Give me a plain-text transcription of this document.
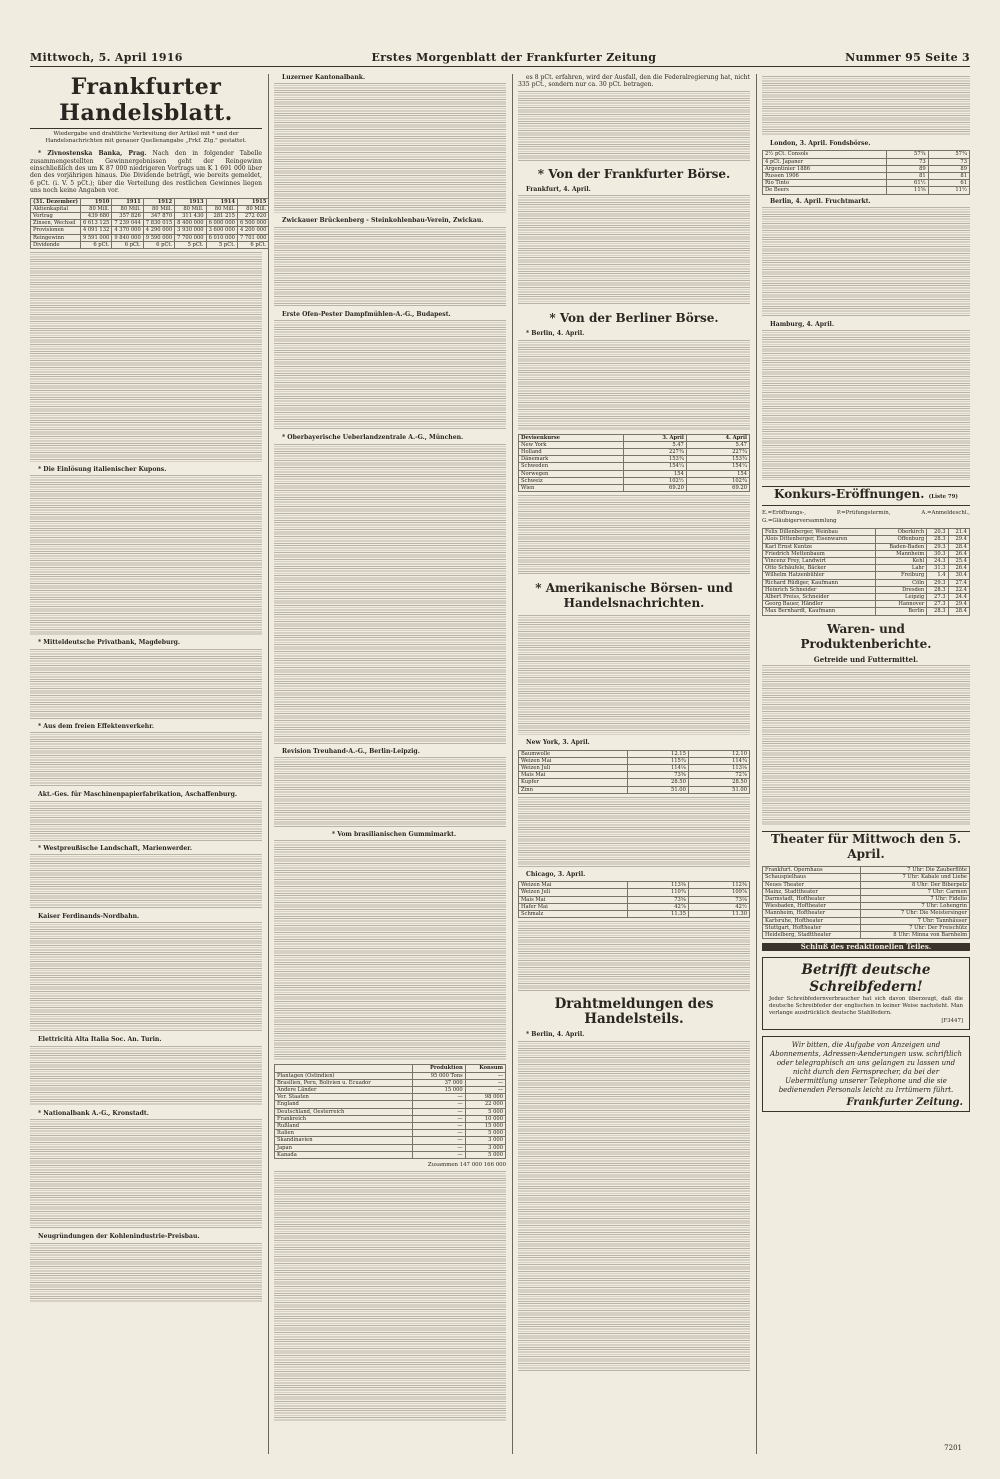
Mittwoch, 5. April 1916	Erstes Morgenblatt der Frankfurter Zeitung	Nummer 95 Seite 3
Frankfurter Handelsblatt.
Wiedergabe und drahtliche Verbreitung der Artikel mit * und der Handelsnachrichten mit genauer Quellenangabe „Frkf. Ztg." gestattet.

* Zivnostenska Banka, Prag. Nach den in folgender Tabelle zusammengestellten Gewinnergebnissen geht der Reingewinn einschließlich des um K 87 000 niedrigeren Vortrags um K 1 691 000 über den des vorjährigen hinaus. Die Dividende beträgt, wie bereits gemeldet, 6 pCt. (i. V. 5 pCt.); über die Verteilung des restlichen Gewinnes liegen uns noch keine Angaben vor.

(31. Dezember)	1910	1911	1912	1913	1914	1915
Aktienkapital	80 Mill.	80 Mill.	80 Mill.	80 Mill.	80 Mill.	80 Mill.
Vortrag	439 680	357 826	347 870	311 430	281 215	272 020
Zinsen, Wechsel	6 613 125	7 239 044	7 830 015	8 400 000	6 000 000	6 500 000
Provisionen	4 091 132	4 370 000	4 290 000	3 930 000	3 600 000	4 200 000
Reingewinn	9 591 000	9 840 000	9 590 000	7 700 000	6 010 000	7 701 000
Dividende	6 pCt.	6 pCt.	6 pCt.	5 pCt.	5 pCt.	6 pCt.

* Die Einlösung italienischer Kupons.

* Mitteldeutsche Privatbank, Magdeburg.

* Aus dem freien Effektenverkehr.

Akt.-Ges. für Maschinenpapierfabrikation, Aschaffenburg.

* Westpreußische Landschaft, Marienwerder.

Kaiser Ferdinands-Nordbahn.

Elettricità Alta Italia Soc. An. Turin.

* Nationalbank A.-G., Kronstadt.

Neugründungen der Kohlenindustrie-Preisbau.

Luzerner Kantonalbank.

Zwickauer Brückenberg - Steinkohlenbau-Verein, Zwickau.

Erste Ofen-Pester Dampfmühlen-A.-G., Budapest.

* Oberbayerische Ueberlandzentrale A.-G., München.

Revision Treuhand-A.-G., Berlin-Leipzig.

* Vom brasilianischen Gummimarkt.

	Produktion	Konsum
Plantagen (Ostindien)	95 000 Tons	—
Brasilien, Peru, Bolivien u. Ecuador	37 000	—
Andere Länder	15 000	—
Ver. Staaten	—	98 000
England	—	22 000
Deutschland, Oesterreich	—	5 000
Frankreich	—	10 000
Rußland	—	15 000
Italien	—	5 000
Skandinavien	—	3 000
Japan	—	3 000
Kanada	—	5 000
Zusammen 147 000 166 000

es 8 pCt. erfahren, wird der Ausfall, den die Federalregierung hat, nicht 335 pCt., sondern nur ca. 30 pCt. betragen.

* Von der Frankfurter Börse.

Frankfurt, 4. April.

* Von der Berliner Börse.

* Berlin, 4. April.

Devisenkurse	3. April	4. April
New York	5.47	5.47
Holland	227¾	227¾
Dänemark	153¾	153¾
Schweden	154¼	154¼
Norwegen	154	154
Schweiz	102½	102¾
Wien	69.20	69.20
* Amerikanische Börsen- und Handelsnachrichten.

New York, 3. April.

Baumwolle	12.15	12.10
Weizen Mai	115¾	114¾
Weizen Juli	114⅛	113⅛
Mais Mai	73⅜	72⅞
Kupfer	28.50	28.50
Zinn	51.00	51.00

Chicago, 3. April.

Weizen Mai	113⅜	112⅜
Weizen Juli	110¾	109⅞
Mais Mai	73⅝	73⅛
Hafer Mai	42⅞	42½
Schmalz	11.35	11.30
Drahtmeldungen des Handelsteils.

* Berlin, 4. April.

London, 3. April. Fondsbörse.

2½ pCt. Consols	57¾	57¾
4 pCt. Japaner	73	73
Argentinier 1886	89	89
Russen 1906	81	81
Rio Tinto	61½	61
De Beers	11⅝	11½

Berlin, 4. April. Fruchtmarkt.

Hamburg, 4. April.

Konkurs-Eröffnungen. (Liste 79)
E.=Eröffnungs-, P.=Prüfungstermin, A.=Anmeldeschl., G.=Gläubigerversammlung
Felix Dillenberger, Weinbau	Oberkirch	20.3	21.4
Alois Dittenberger, Eisenwaren	Offenburg	28.3	29.4
Karl Ernst Kuntze	Baden-Baden	29.3	28.4
Friedrich Mettenbaum	Mannheim	30.3	26.4
Vincenz Frey, Landwirt	Kehl	24.3	25.4
Otto Schäufele, Bäcker	Lahr	31.3	26.4
Wilhelm Hatzenbühler	Freiburg	1.4	30.4
Richard Rüdiger, Kaufmann	Cöln	29.3	27.4
Heinrich Schneider	Dresden	28.3	22.4
Albert Preiss, Schneider	Leipzig	27.3	24.4
Georg Bauer, Händler	Hannover	27.3	29.4
Max Bernhardt, Kaufmann	Berlin	28.3	28.4
Waren- und Produktenberichte.
Getreide und Futtermittel.
Theater für Mittwoch den 5. April.
Frankfurt. Opernhaus	7 Uhr: Die Zauberflöte
Schauspielhaus	7 Uhr: Kabale und Liebe
Neues Theater	8 Uhr: Der Biberpelz
Mainz, Stadttheater	7 Uhr: Carmen
Darmstadt, Hoftheater	7 Uhr: Fidelio
Wiesbaden, Hoftheater	7 Uhr: Lohengrin
Mannheim, Hoftheater	7 Uhr: Die Meistersinger
Karlsruhe, Hoftheater	7 Uhr: Tannhäuser
Stuttgart, Hoftheater	7 Uhr: Der Freischütz
Heidelberg, Stadttheater	8 Uhr: Minna von Barnhelm
Schluß des redaktionellen Teiles.
Betrifft deutsche Schreibfedern!
Jeder Schreibfedernverbraucher hat sich davon überzeugt, daß die deutsche Schreibfeder der englischen in keiner Weise nachsteht. Man verlange ausdrücklich deutsche Stahlfedern.
[F3447]
Wir bitten, die Aufgabe von Anzeigen und Abonnements, Adressen-Aenderungen usw. schriftlich oder telegraphisch an uns gelangen zu lassen und nicht durch den Fernsprecher, da bei der Uebermittlung unserer Telephone und die sie bedienenden Personals leicht zu Irrtümern führt.
Frankfurter Zeitung.
7201
